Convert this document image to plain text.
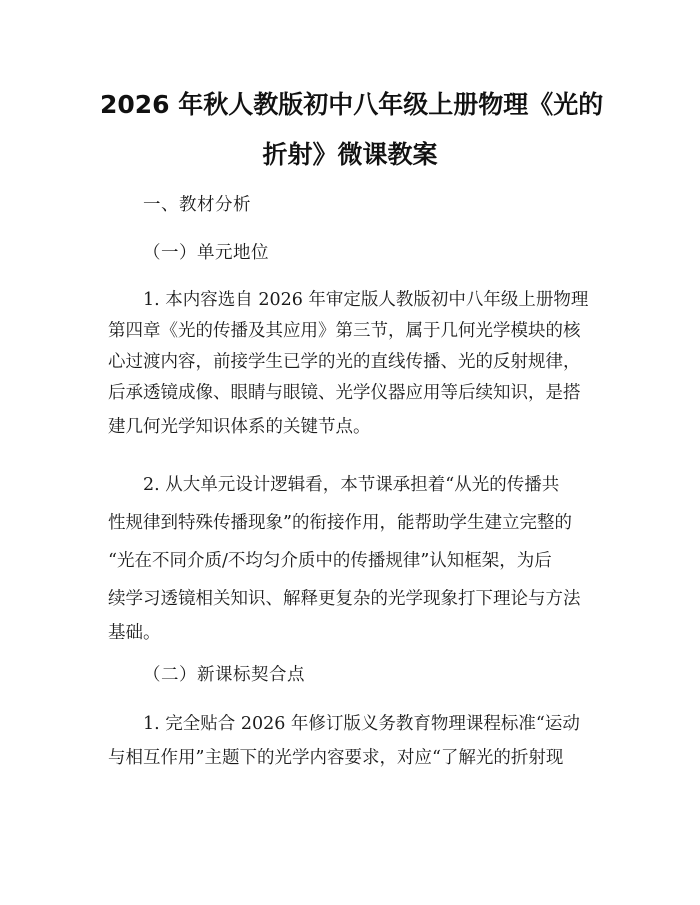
2026 年秋人教版初中八年级上册物理《光的
折射》微课教案
一、教材分析
（一）单元地位
1. 本内容选自 2026 年审定版人教版初中八年级上册物理
第四章《光的传播及其应用》第三节，属于几何光学模块的核
心过渡内容，前接学生已学的光的直线传播、光的反射规律，
后承透镜成像、眼睛与眼镜、光学仪器应用等后续知识，是搭
建几何光学知识体系的关键节点。
2. 从大单元设计逻辑看，本节课承担着“从光的传播共
性规律到特殊传播现象”的衔接作用，能帮助学生建立完整的
“光在不同介质/不均匀介质中的传播规律”认知框架，为后
续学习透镜相关知识、解释更复杂的光学现象打下理论与方法
基础。
（二）新课标契合点
1. 完全贴合 2026 年修订版义务教育物理课程标准“运动
与相互作用”主题下的光学内容要求，对应“了解光的折射现
